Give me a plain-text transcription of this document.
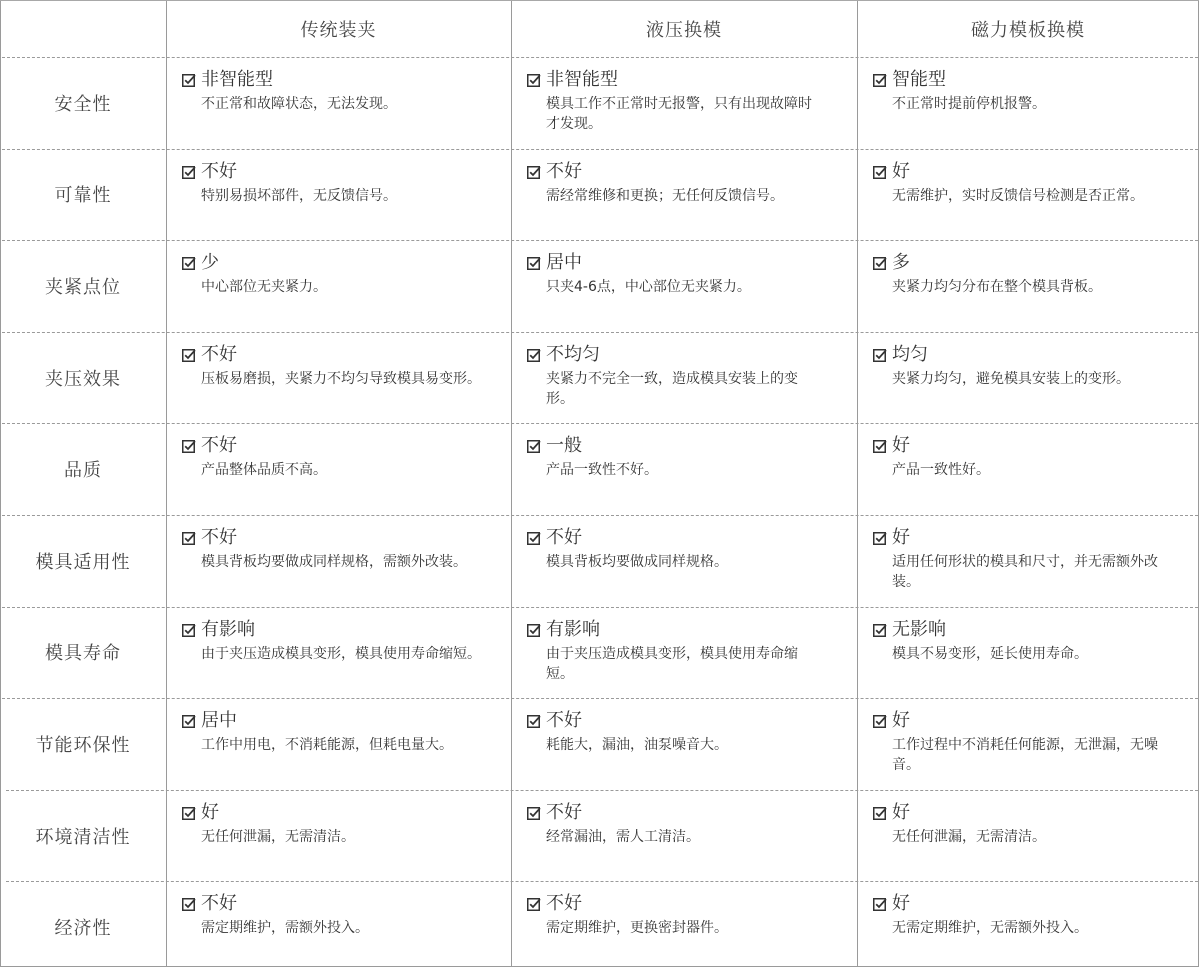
传统装夹	液压换模	磁力模板换模
安全性
非智能型
不正常和故障状态，无法发现。
非智能型
模具工作不正常时无报警，只有出现故障时才发现。
智能型
不正常时提前停机报警。
可靠性
不好
特别易损坏部件，无反馈信号。
不好
需经常维修和更换；无任何反馈信号。
好
无需维护，实时反馈信号检测是否正常。
夹紧点位
少
中心部位无夹紧力。
居中
只夹4-6点，中心部位无夹紧力。
多
夹紧力均匀分布在整个模具背板。
夹压效果
不好
压板易磨损，夹紧力不均匀导致模具易变形。
不均匀
夹紧力不完全一致，造成模具安装上的变形。
均匀
夹紧力均匀，避免模具安装上的变形。
品质
不好
产品整体品质不高。
一般
产品一致性不好。
好
产品一致性好。
模具适用性
不好
模具背板均要做成同样规格，需额外改装。
不好
模具背板均要做成同样规格。
好
适用任何形状的模具和尺寸，并无需额外改装。
模具寿命
有影响
由于夹压造成模具变形，模具使用寿命缩短。
有影响
由于夹压造成模具变形，模具使用寿命缩短。
无影响
模具不易变形，延长使用寿命。
节能环保性
居中
工作中用电，不消耗能源，但耗电量大。
不好
耗能大，漏油，油泵噪音大。
好
工作过程中不消耗任何能源，无泄漏，无噪音。
环境清洁性
好
无任何泄漏，无需清洁。
不好
经常漏油，需人工清洁。
好
无任何泄漏，无需清洁。
经济性
不好
需定期维护，需额外投入。
不好
需定期维护，更换密封器件。
好
无需定期维护，无需额外投入。
